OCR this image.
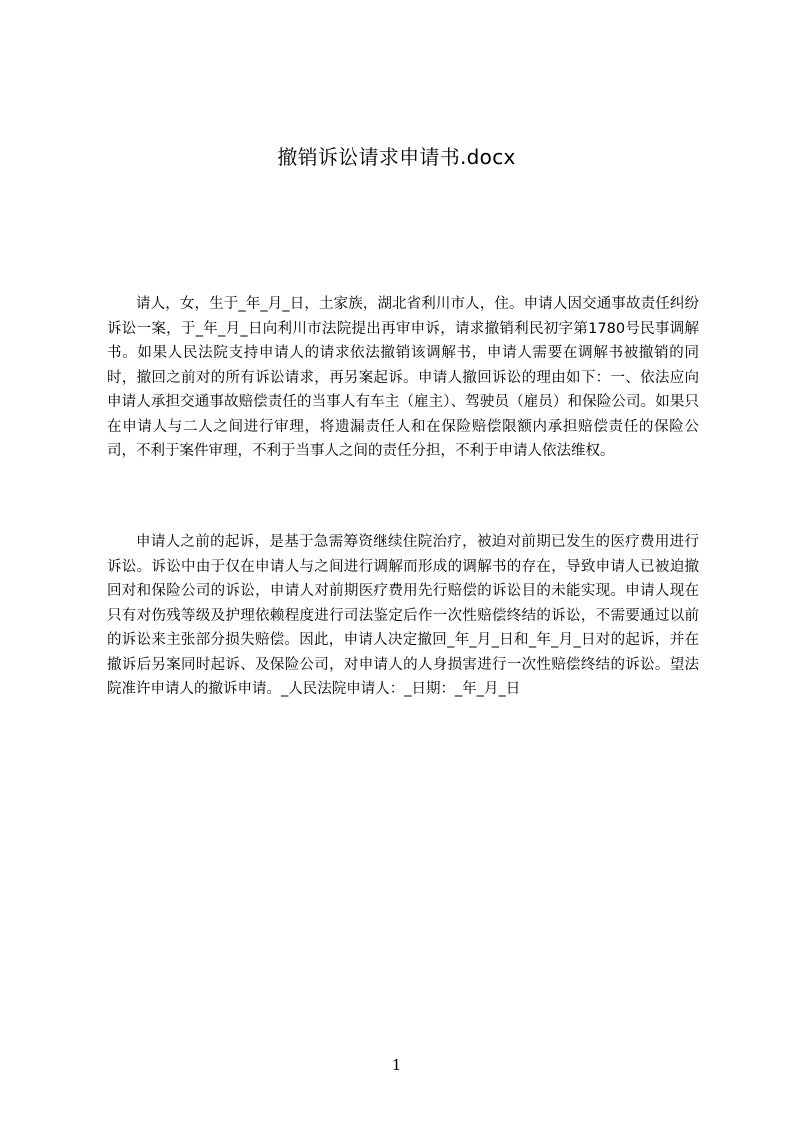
撤销诉讼请求申请书.docx

请人，女，生于_年_月_日，土家族，湖北省利川市人，住。申请人因交通事故责任纠纷诉讼一案，于_年_月_日向利川市法院提出再审申诉，请求撤销利民初字第1780号民事调解书。如果人民法院支持申请人的请求依法撤销该调解书，申请人需要在调解书被撤销的同时，撤回之前对的所有诉讼请求，再另案起诉。申请人撤回诉讼的理由如下：一、依法应向申请人承担交通事故赔偿责任的当事人有车主（雇主）、驾驶员（雇员）和保险公司。如果只在申请人与二人之间进行审理，将遗漏责任人和在保险赔偿限额内承担赔偿责任的保险公司，不利于案件审理，不利于当事人之间的责任分担，不利于申请人依法维权。

申请人之前的起诉，是基于急需筹资继续住院治疗，被迫对前期已发生的医疗费用进行诉讼。诉讼中由于仅在申请人与之间进行调解而形成的调解书的存在，导致申请人已被迫撤回对和保险公司的诉讼，申请人对前期医疗费用先行赔偿的诉讼目的未能实现。申请人现在只有对伤残等级及护理依赖程度进行司法鉴定后作一次性赔偿终结的诉讼，不需要通过以前的诉讼来主张部分损失赔偿。因此，申请人决定撤回_年_月_日和_年_月_日对的起诉，并在撤诉后另案同时起诉、及保险公司，对申请人的人身损害进行一次性赔偿终结的诉讼。望法院准许申请人的撤诉申请。_人民法院申请人：_日期：_年_月_日

1
